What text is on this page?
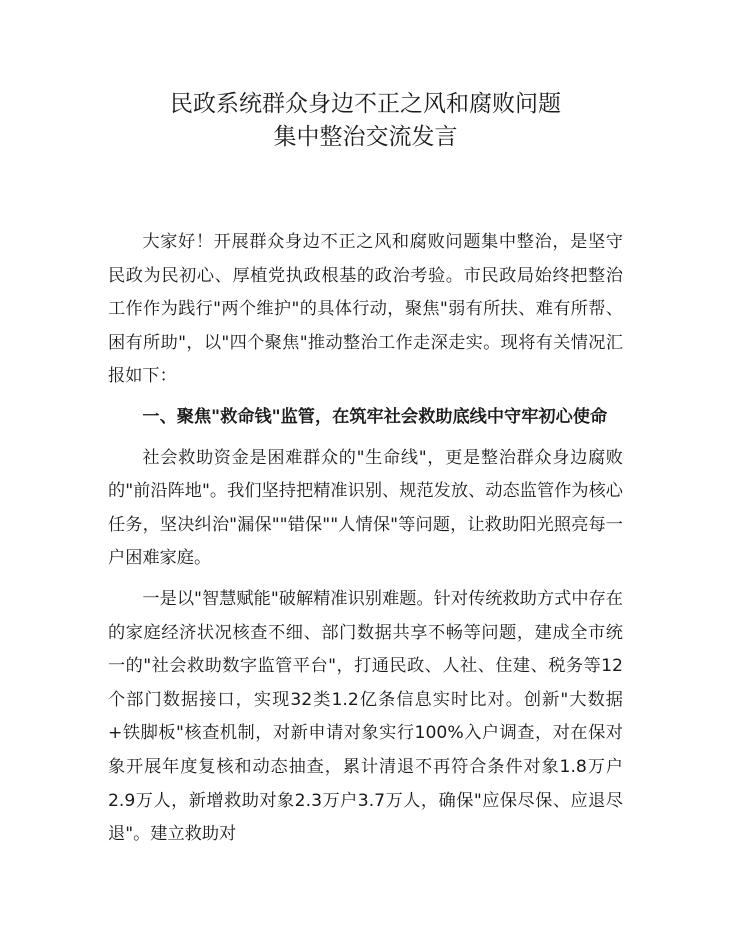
民政系统群众身边不正之风和腐败问题
集中整治交流发言

大家好！开展群众身边不正之风和腐败问题集中整治，是坚守民政为民初心、厚植党执政根基的政治考验。市民政局始终把整治工作作为践行"两个维护"的具体行动，聚焦"弱有所扶、难有所帮、困有所助"，以"四个聚焦"推动整治工作走深走实。现将有关情况汇报如下：

一、聚焦"救命钱"监管，在筑牢社会救助底线中守牢初心使命

社会救助资金是困难群众的"生命线"，更是整治群众身边腐败的"前沿阵地"。我们坚持把精准识别、规范发放、动态监管作为核心任务，坚决纠治"漏保""错保""人情保"等问题，让救助阳光照亮每一户困难家庭。

一是以"智慧赋能"破解精准识别难题。针对传统救助方式中存在的家庭经济状况核查不细、部门数据共享不畅等问题，建成全市统一的"社会救助数字监管平台"，打通民政、人社、住建、税务等12个部门数据接口，实现32类1.2亿条信息实时比对。创新"大数据+铁脚板"核查机制，对新申请对象实行100%入户调查，对在保对象开展年度复核和动态抽查，累计清退不再符合条件对象1.8万户2.9万人，新增救助对象2.3万户3.7万人，确保"应保尽保、应退尽退"。建立救助对
